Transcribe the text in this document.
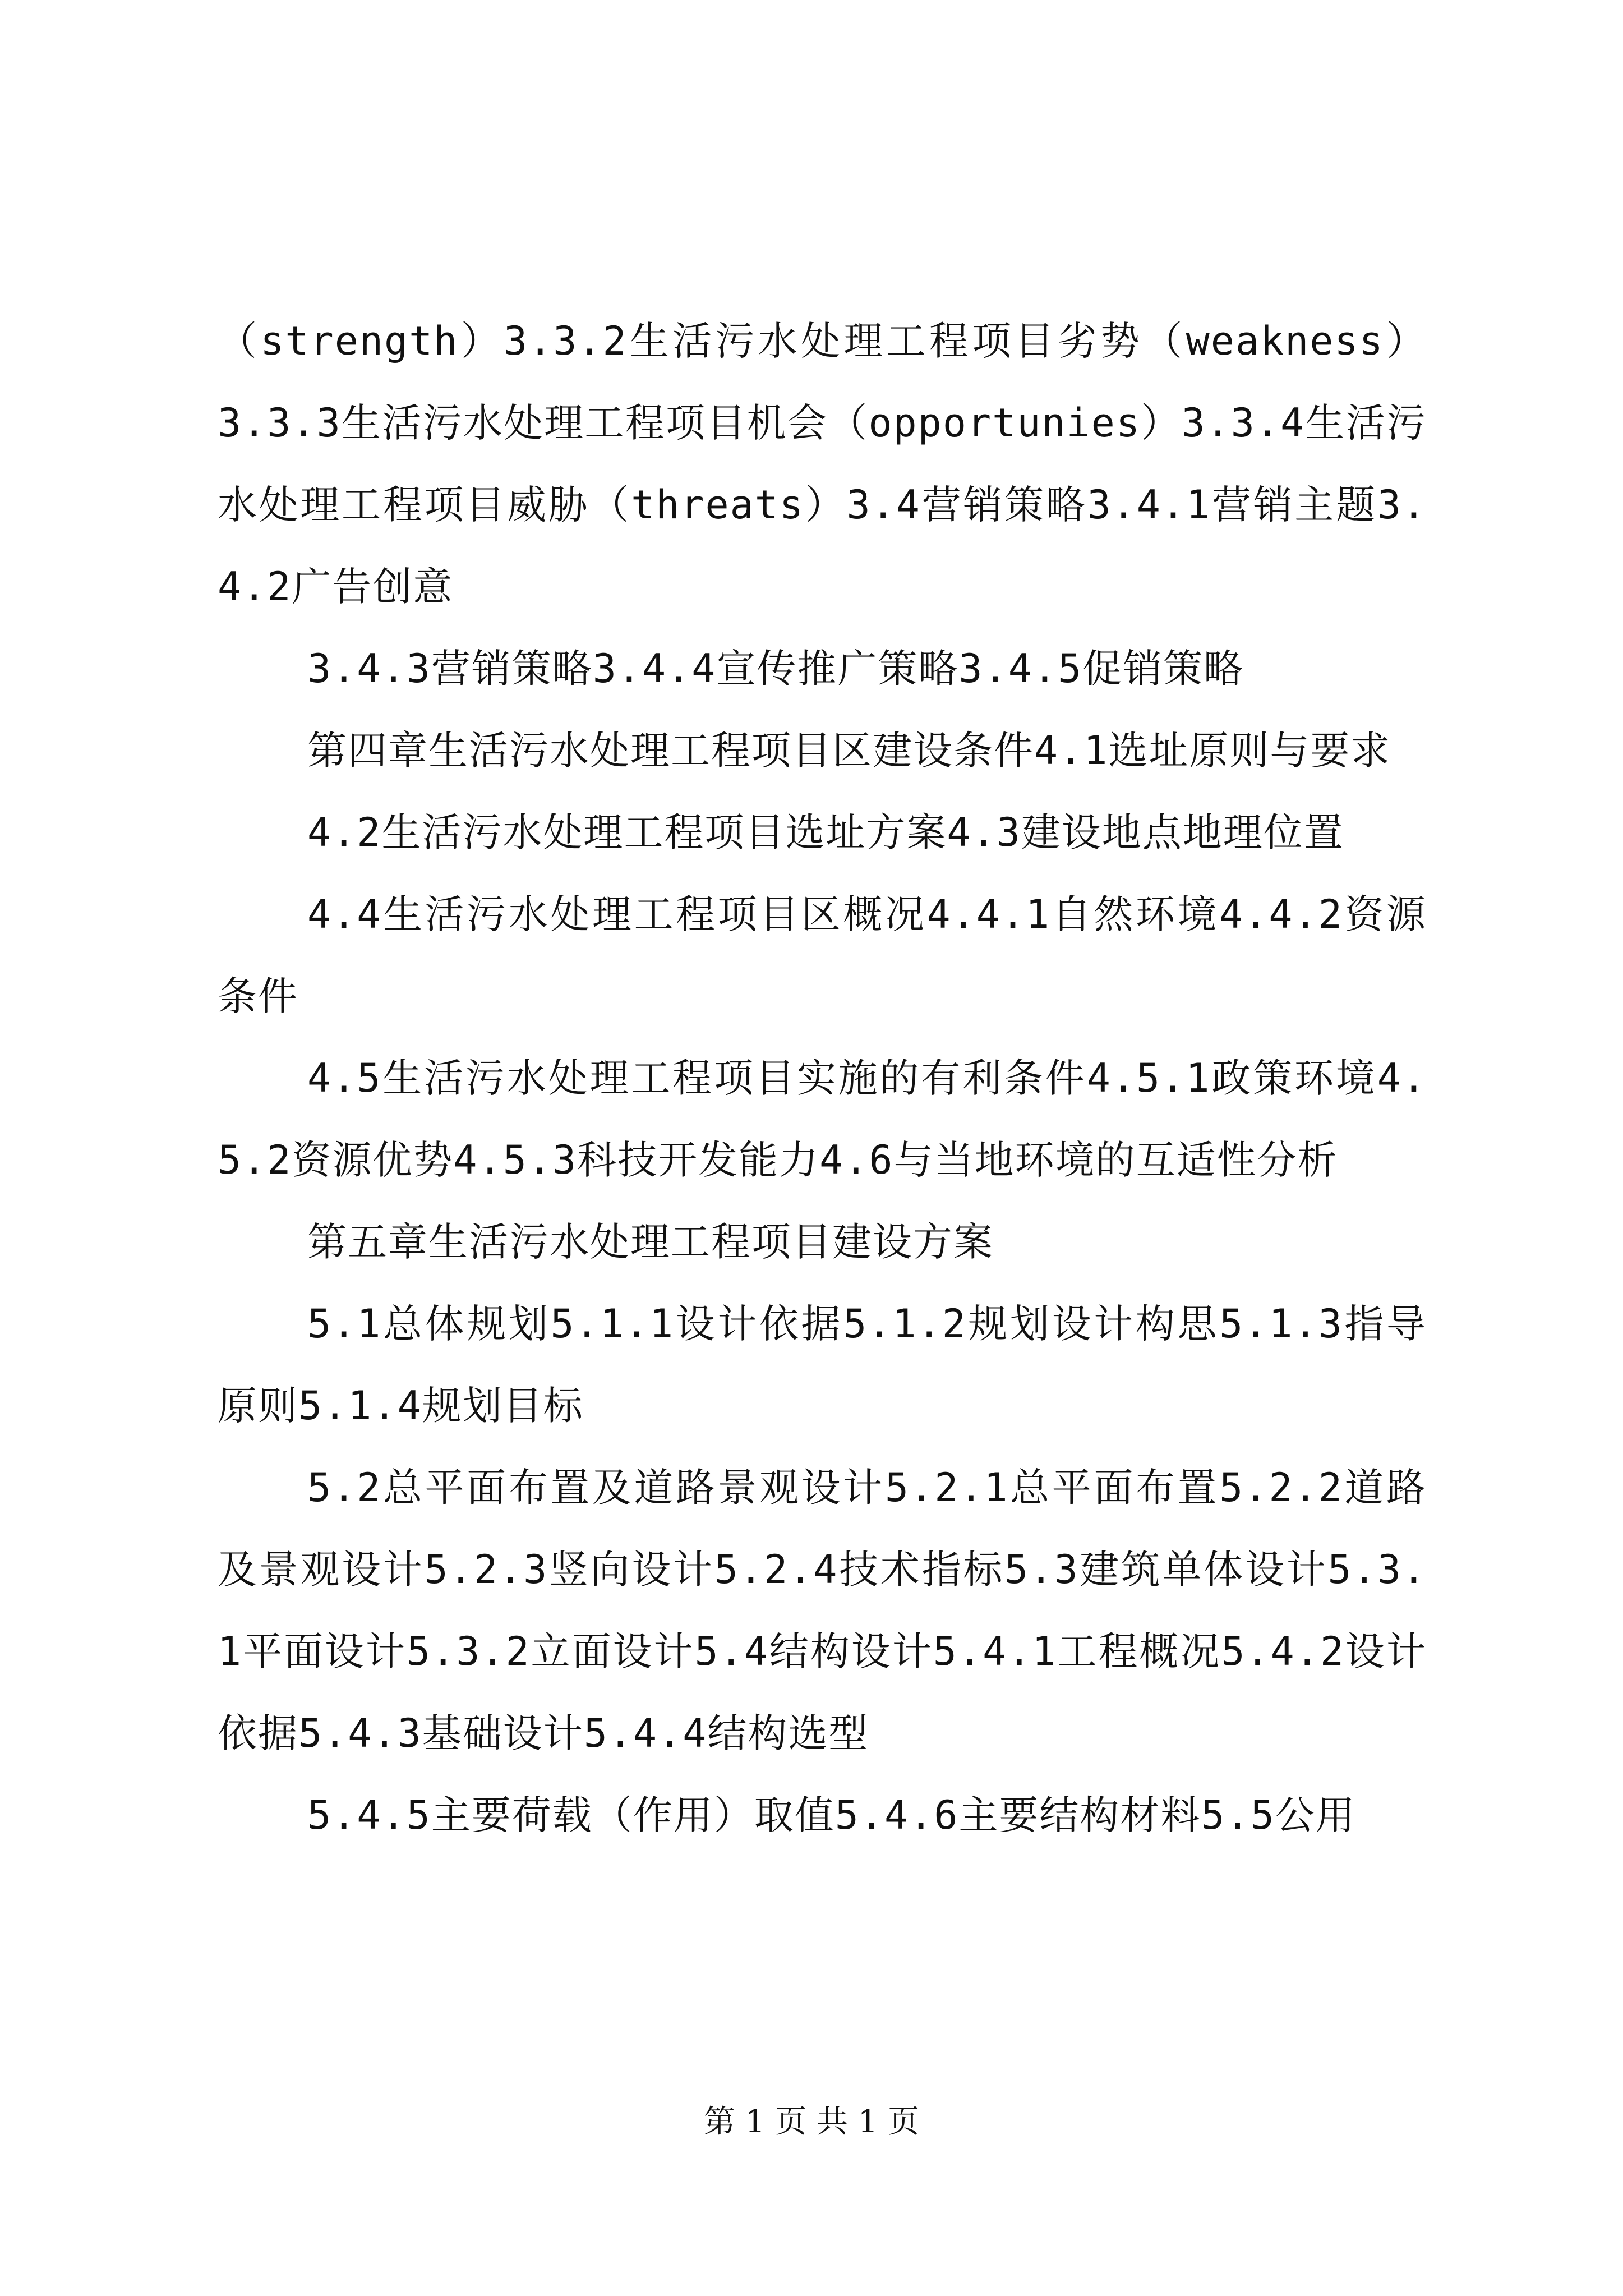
（strength）3.3.2生活污水处理工程项目劣势（weakness）3.3.3生活污水处理工程项目机会（opportunies）3.3.4生活污水处理工程项目威胁（threats）3.4营销策略3.4.1营销主题3.4.2广告创意

3.4.3营销策略3.4.4宣传推广策略3.4.5促销策略

第四章生活污水处理工程项目区建设条件4.1选址原则与要求

4.2生活污水处理工程项目选址方案4.3建设地点地理位置

4.4生活污水处理工程项目区概况4.4.1自然环境4.4.2资源条件

4.5生活污水处理工程项目实施的有利条件4.5.1政策环境4.5.2资源优势4.5.3科技开发能力4.6与当地环境的互适性分析

第五章生活污水处理工程项目建设方案

5.1总体规划5.1.1设计依据5.1.2规划设计构思5.1.3指导原则5.1.4规划目标

5.2总平面布置及道路景观设计5.2.1总平面布置5.2.2道路及景观设计5.2.3竖向设计5.2.4技术指标5.3建筑单体设计5.3.1平面设计5.3.2立面设计5.4结构设计5.4.1工程概况5.4.2设计依据5.4.3基础设计5.4.4结构选型

5.4.5主要荷载（作用）取值5.4.6主要结构材料5.5公用

第 1 页 共 1 页
